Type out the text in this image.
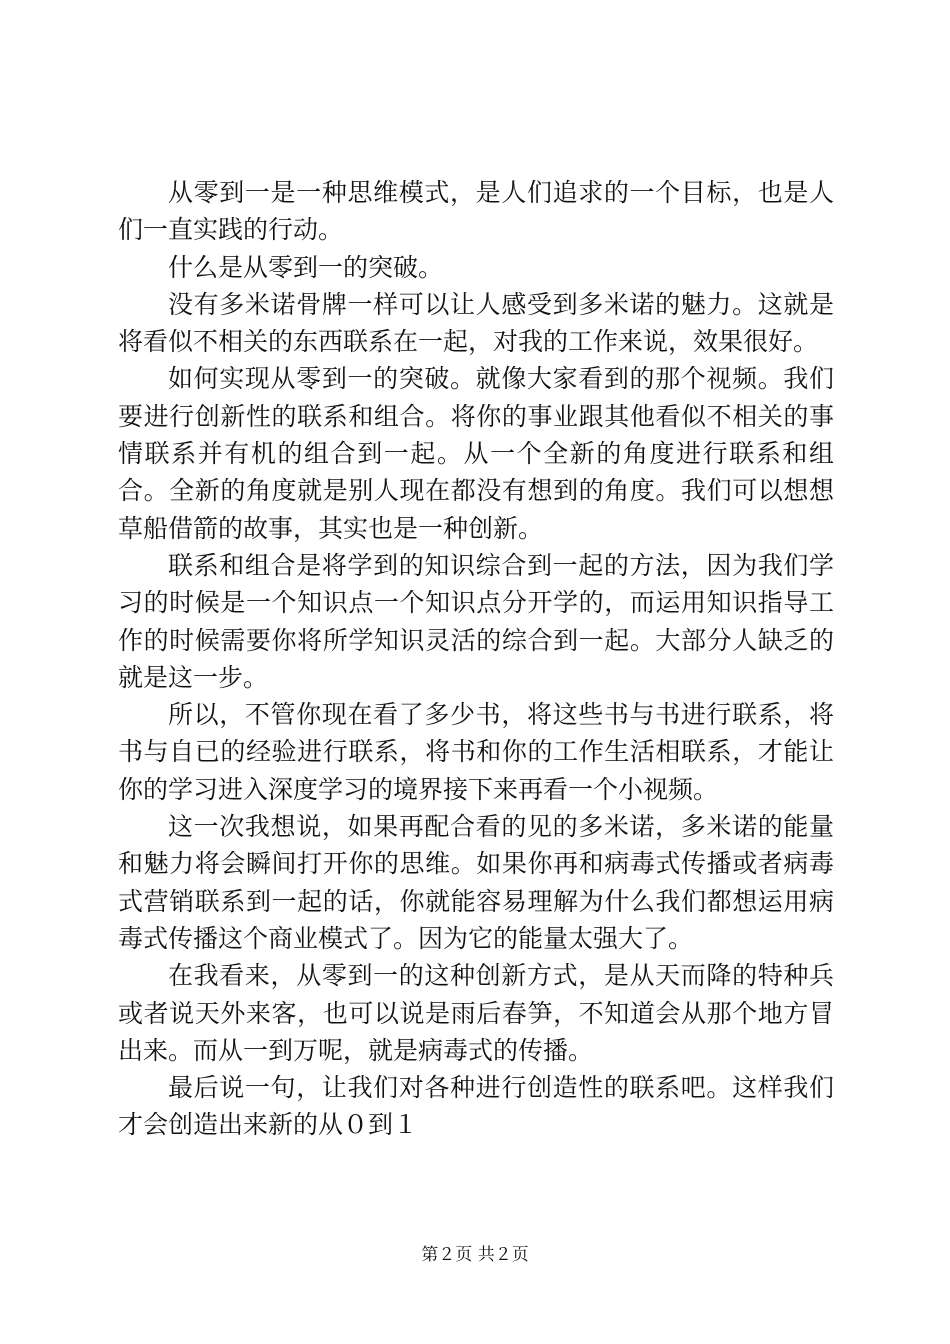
从零到一是一种思维模式，是人们追求的一个目标，也是人们一直实践的行动。

什么是从零到一的突破。

没有多米诺骨牌一样可以让人感受到多米诺的魅力。这就是将看似不相关的东西联系在一起，对我的工作来说，效果很好。

如何实现从零到一的突破。就像大家看到的那个视频。我们要进行创新性的联系和组合。将你的事业跟其他看似不相关的事情联系并有机的组合到一起。从一个全新的角度进行联系和组合。全新的角度就是别人现在都没有想到的角度。我们可以想想草船借箭的故事，其实也是一种创新。

联系和组合是将学到的知识综合到一起的方法，因为我们学习的时候是一个知识点一个知识点分开学的，而运用知识指导工作的时候需要你将所学知识灵活的综合到一起。大部分人缺乏的就是这一步。

所以，不管你现在看了多少书，将这些书与书进行联系，将书与自已的经验进行联系，将书和你的工作生活相联系，才能让你的学习进入深度学习的境界接下来再看一个小视频。

这一次我想说，如果再配合看的见的多米诺，多米诺的能量和魅力将会瞬间打开你的思维。如果你再和病毒式传播或者病毒式营销联系到一起的话，你就能容易理解为什么我们都想运用病毒式传播这个商业模式了。因为它的能量太强大了。

在我看来，从零到一的这种创新方式，是从天而降的特种兵或者说天外来客，也可以说是雨后春笋，不知道会从那个地方冒出来。而从一到万呢，就是病毒式的传播。

最后说一句，让我们对各种进行创造性的联系吧。这样我们才会创造出来新的从０到１

第２页 共２页
